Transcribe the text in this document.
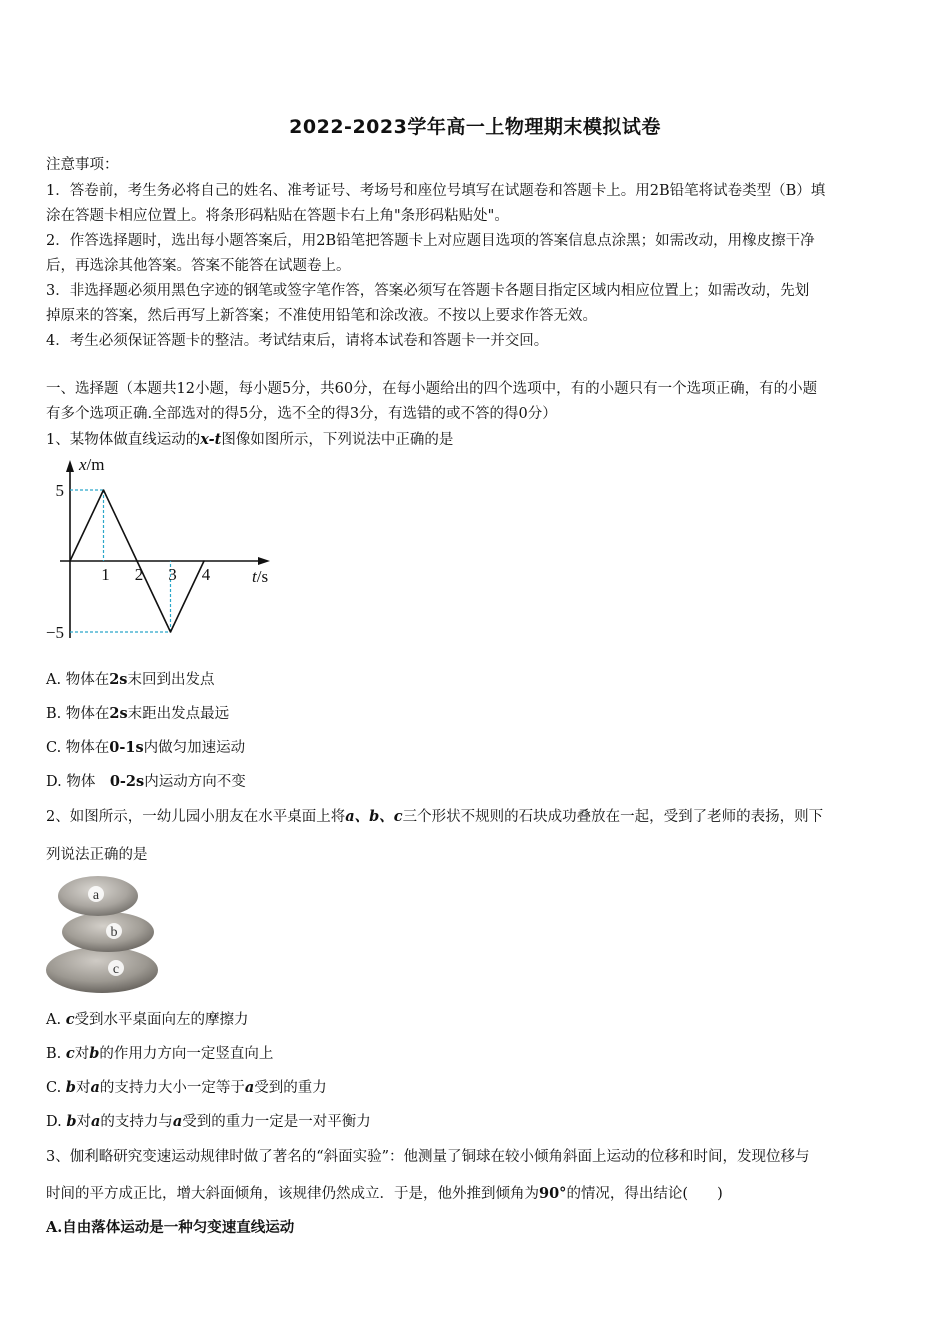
2022-2023学年高一上物理期末模拟试卷
注意事项：
1．答卷前，考生务必将自己的姓名、准考证号、考场号和座位号填写在试题卷和答题卡上。用2B铅笔将试卷类型（B）填
涂在答题卡相应位置上。将条形码粘贴在答题卡右上角"条形码粘贴处"。
2．作答选择题时，选出每小题答案后，用2B铅笔把答题卡上对应题目选项的答案信息点涂黑；如需改动，用橡皮擦干净
后，再选涂其他答案。答案不能答在试题卷上。
3．非选择题必须用黑色字迹的钢笔或签字笔作答，答案必须写在答题卡各题目指定区域内相应位置上；如需改动，先划
掉原来的答案，然后再写上新答案；不准使用铅笔和涂改液。不按以上要求作答无效。
4．考生必须保证答题卡的整洁。考试结束后，请将本试卷和答题卡一并交回。
一、选择题（本题共12小题，每小题5分，共60分，在每小题给出的四个选项中，有的小题只有一个选项正确，有的小题
有多个选项正确.全部选对的得5分，选不全的得3分，有选错的或不答的得0分）
1、某物体做直线运动的x-t图像如图所示，下列说法中正确的是
1 2 3 4
5
−5
x/m
t/s
A. 物体在2s末回到出发点
B. 物体在2s末距出发点最远
C. 物体在0-1s内做匀加速运动
D. 物体　0-2s内运动方向不变
2、如图所示，一幼儿园小朋友在水平桌面上将a、b、c三个形状不规则的石块成功叠放在一起，受到了老师的表扬，则下
列说法正确的是
a
b
c
A. c受到水平桌面向左的摩擦力
B. c对b的作用力方向一定竖直向上
C. b对a的支持力大小一定等于a受到的重力
D. b对a的支持力与a受到的重力一定是一对平衡力
3、伽利略研究变速运动规律时做了著名的“斜面实验”：他测量了铜球在较小倾角斜面上运动的位移和时间，发现位移与
时间的平方成正比，增大斜面倾角，该规律仍然成立．于是，他外推到倾角为90°的情况，得出结论(　　)
A.自由落体运动是一种匀变速直线运动
